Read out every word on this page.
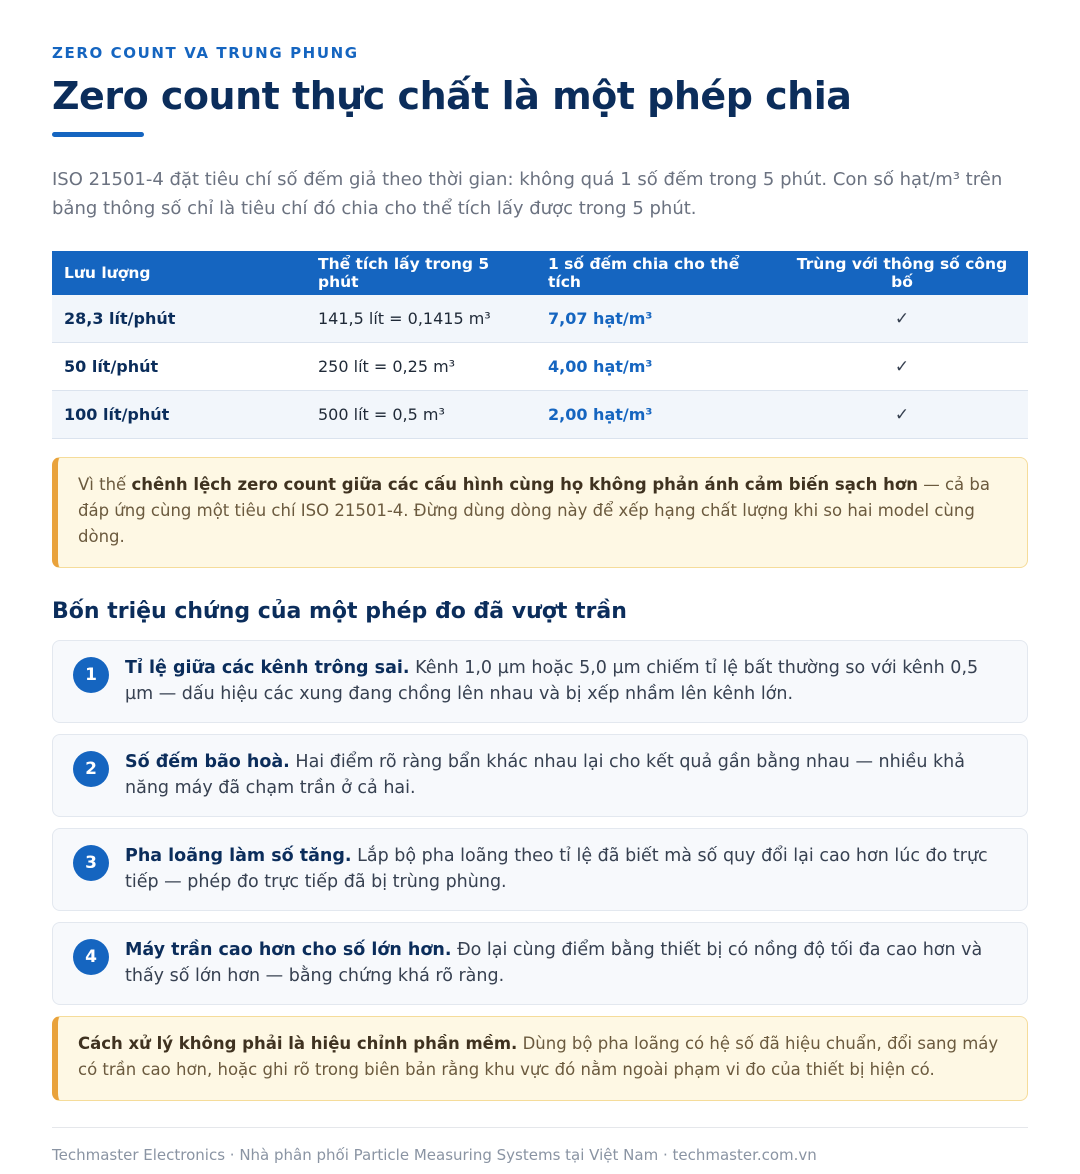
ZERO COUNT VA TRUNG PHUNG
Zero count thực chất là một phép chia

ISO 21501-4 đặt tiêu chí số đếm giả theo thời gian: không quá 1 số đếm trong 5 phút. Con số hạt/m³ trên bảng thông số chỉ là tiêu chí đó chia cho thể tích lấy được trong 5 phút.

Lưu lượng	Thể tích lấy trong 5 phút	1 số đếm chia cho thể tích	Trùng với thông số công bố
28,3 lít/phút	141,5 lít = 0,1415 m³	7,07 hạt/m³	✓
50 lít/phút	250 lít = 0,25 m³	4,00 hạt/m³	✓
100 lít/phút	500 lít = 0,5 m³	2,00 hạt/m³	✓
Vì thế chênh lệch zero count giữa các cấu hình cùng họ không phản ánh cảm biến sạch hơn — cả ba đáp ứng cùng một tiêu chí ISO 21501-4. Đừng dùng dòng này để xếp hạng chất lượng khi so hai model cùng dòng.
Bốn triệu chứng của một phép đo đã vượt trần
1	Tỉ lệ giữa các kênh trông sai. Kênh 1,0 µm hoặc 5,0 µm chiếm tỉ lệ bất thường so với kênh 0,5 µm — dấu hiệu các xung đang chồng lên nhau và bị xếp nhầm lên kênh lớn.
2	Số đếm bão hoà. Hai điểm rõ ràng bẩn khác nhau lại cho kết quả gần bằng nhau — nhiều khả năng máy đã chạm trần ở cả hai.
3	Pha loãng làm số tăng. Lắp bộ pha loãng theo tỉ lệ đã biết mà số quy đổi lại cao hơn lúc đo trực tiếp — phép đo trực tiếp đã bị trùng phùng.
4	Máy trần cao hơn cho số lớn hơn. Đo lại cùng điểm bằng thiết bị có nồng độ tối đa cao hơn và thấy số lớn hơn — bằng chứng khá rõ ràng.
Cách xử lý không phải là hiệu chỉnh phần mềm. Dùng bộ pha loãng có hệ số đã hiệu chuẩn, đổi sang máy có trần cao hơn, hoặc ghi rõ trong biên bản rằng khu vực đó nằm ngoài phạm vi đo của thiết bị hiện có.
Techmaster Electronics · Nhà phân phối Particle Measuring Systems tại Việt Nam · techmaster.com.vn
